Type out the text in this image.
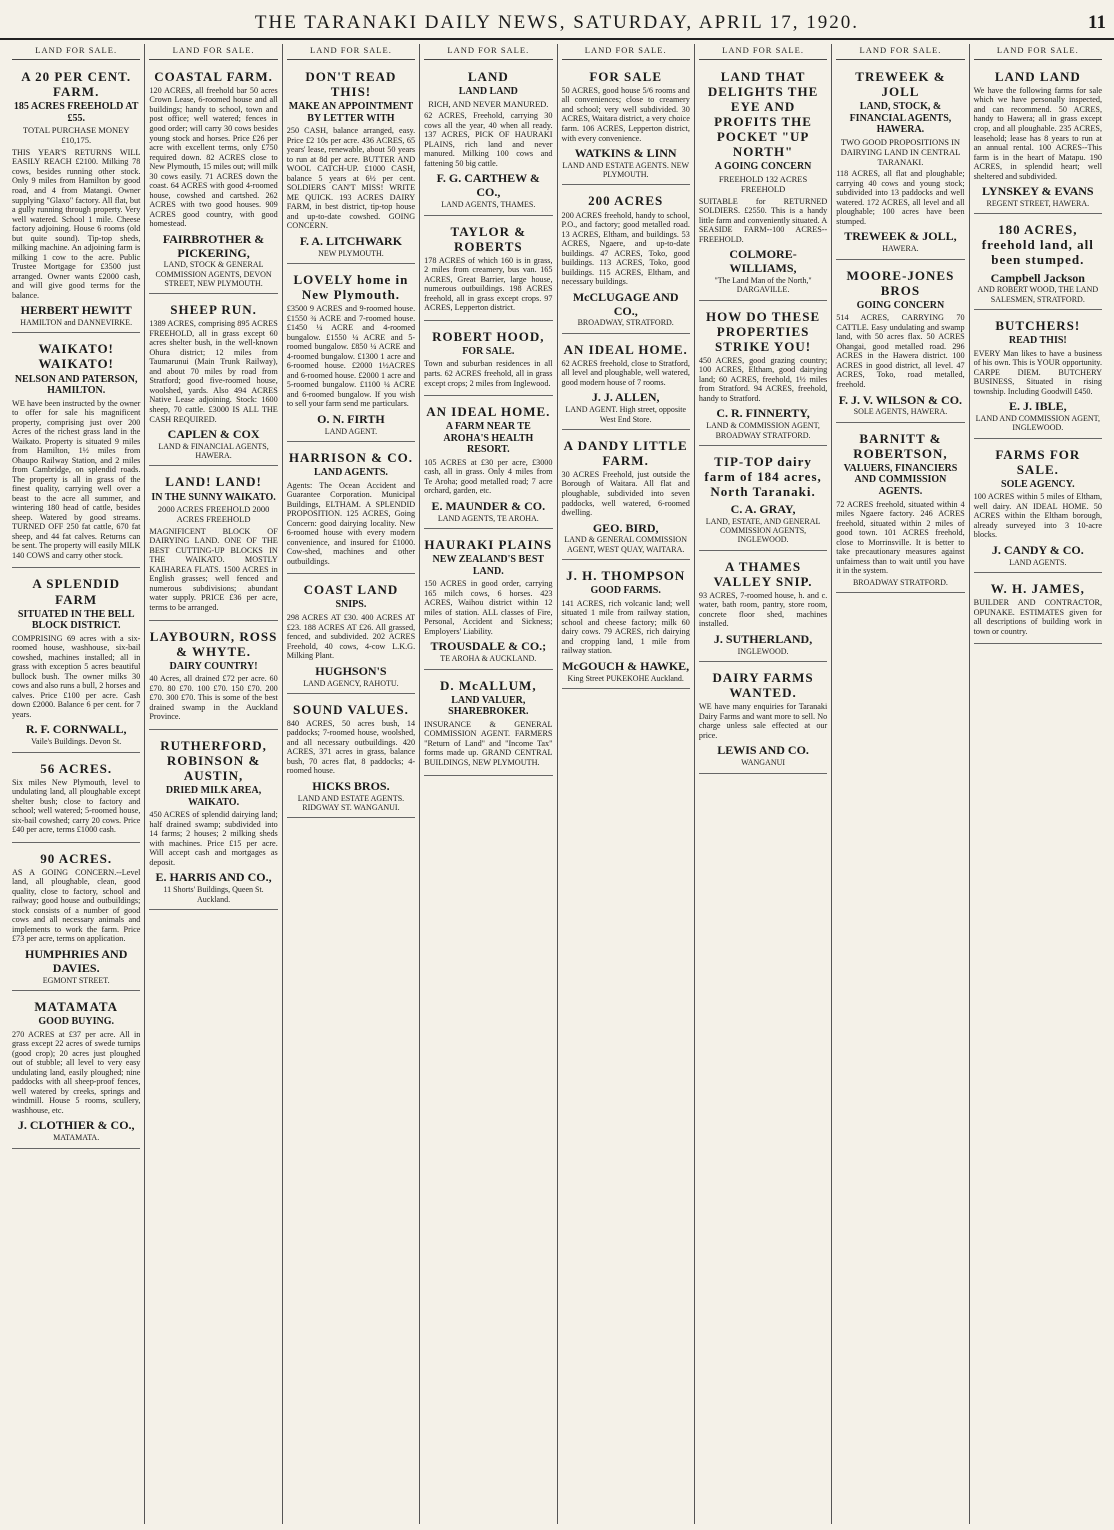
THE TARANAKI DAILY NEWS, SATURDAY, APRIL 17, 1920.	11
LAND FOR SALE.
A 20 PER CENT. FARM.
185 ACRES FREEHOLD AT £55.
TOTAL PURCHASE MONEY £10,175.
THIS YEAR'S RETURNS WILL EASILY REACH £2100. Milking 78 cows, besides running other stock. Only 9 miles from Hamilton by good road, and 4 from Matangi. Owner supplying "Glaxo" factory. All flat, but a gully running through property. Very well watered. School 1 mile. Cheese factory adjoining. House 6 rooms (old but quite sound). Tip-top sheds, milking machine. An adjoining farm is milking 1 cow to the acre. Public Trustee Mortgage for £3500 just arranged. Owner wants £2000 cash, and will give good terms for the balance.
HERBERT HEWITT
HAMILTON and DANNEVIRKE.
WAIKATO! WAIKATO!
NELSON AND PATERSON, HAMILTON.
WE have been instructed by the owner to offer for sale his magnificent property, comprising just over 200 Acres of the richest grass land in the Waikato. Property is situated 9 miles from Hamilton, 1½ miles from Ohaupo Railway Station, and 2 miles from Cambridge, on splendid roads. The property is all in grass of the finest quality, carrying well over a beast to the acre all summer, and wintering 180 head of cattle, besides sheep. Watered by good streams. TURNED OFF 250 fat cattle, 670 fat sheep, and 44 fat calves. Returns can be sent. The property will easily MILK 140 COWS and carry other stock.
A SPLENDID FARM
SITUATED IN THE BELL BLOCK DISTRICT.
COMPRISING 69 acres with a six-roomed house, washhouse, six-bail cowshed, machines installed; all in grass with exception 5 acres beautiful bullock bush. The owner milks 30 cows and also runs a bull, 2 horses and calves. Price £100 per acre. Cash down £2000. Balance 6 per cent. for 7 years.
R. F. CORNWALL,
Vaile's Buildings. Devon St.
56 ACRES.
Six miles New Plymouth, level to undulating land, all ploughable except shelter bush; close to factory and school; well watered; 5-roomed house, six-bail cowshed; carry 20 cows. Price £40 per acre, terms £1000 cash.
90 ACRES.
AS A GOING CONCERN.--Level land, all ploughable, clean, good quality, close to factory, school and railway; good house and outbuildings; stock consists of a number of good cows and all necessary animals and implements to work the farm. Price £73 per acre, terms on application.
HUMPHRIES AND DAVIES.
EGMONT STREET.
MATAMATA
GOOD BUYING.
270 ACRES at £37 per acre. All in grass except 22 acres of swede turnips (good crop); 20 acres just ploughed out of stubble; all level to very easy undulating land, easily ploughed; nine paddocks with all sheep-proof fences, well watered by creeks, springs and windmill. House 5 rooms, scullery, washhouse, etc.
J. CLOTHIER & CO.,
MATAMATA.
LAND FOR SALE.
COASTAL FARM.
120 ACRES, all freehold bar 50 acres Crown Lease, 6-roomed house and all buildings; handy to school, town and post office; well watered; fences in good order; will carry 30 cows besides young stock and horses. Price £26 per acre with excellent terms, only £750 required down. 82 ACRES close to New Plymouth, 15 miles out; will milk 30 cows easily. 71 ACRES down the coast. 64 ACRES with good 4-roomed house, cowshed and cartshed. 262 ACRES with two good houses. 909 ACRES good country, with good homestead.
FAIRBROTHER & PICKERING,
LAND, STOCK & GENERAL COMMISSION AGENTS, DEVON STREET, NEW PLYMOUTH.
SHEEP RUN.
1389 ACRES, comprising 895 ACRES FREEHOLD, all in grass except 60 acres shelter bush, in the well-known Ohura district; 12 miles from Taumarunui (Main Trunk Railway), and about 70 miles by road from Stratford; good five-roomed house, woolshed, yards. Also 494 ACRES Native Lease adjoining. Stock: 1600 sheep, 70 cattle. £3000 IS ALL THE CASH REQUIRED.
CAPLEN & COX
LAND & FINANCIAL AGENTS, HAWERA.
LAND! LAND!
IN THE SUNNY WAIKATO.
2000 ACRES FREEHOLD 2000 ACRES FREEHOLD
MAGNIFICENT BLOCK OF DAIRYING LAND. ONE OF THE BEST CUTTING-UP BLOCKS IN THE WAIKATO. MOSTLY KAIHAREA FLATS. 1500 ACRES in English grasses; well fenced and numerous subdivisions; abundant water supply. PRICE £36 per acre, terms to be arranged.
LAYBOURN, ROSS & WHYTE.
DAIRY COUNTRY!
40 Acres, all drained £72 per acre. 60 £70. 80 £70. 100 £70. 150 £70. 200 £70. 300 £70. This is some of the best drained swamp in the Auckland Province.
RUTHERFORD, ROBINSON & AUSTIN,
DRIED MILK AREA, WAIKATO.
450 ACRES of splendid dairying land; half drained swamp; subdivided into 14 farms; 2 houses; 2 milking sheds with machines. Price £15 per acre. Will accept cash and mortgages as deposit.
E. HARRIS AND CO.,
11 Shorts' Buildings, Queen St. Auckland.
LAND FOR SALE.
DON'T READ THIS!
MAKE AN APPOINTMENT BY LETTER WITH
250 CASH, balance arranged, easy. Price £2 10s per acre. 436 ACRES, 65 years' lease, renewable, about 50 years to run at 8d per acre. BUTTER AND WOOL CATCH-UP. £1000 CASH, balance 5 years at 6½ per cent. SOLDIERS CAN'T MISS! WRITE ME QUICK. 193 ACRES DAIRY FARM, in best district, tip-top house and up-to-date cowshed. GOING CONCERN.
F. A. LITCHWARK
NEW PLYMOUTH.
LOVELY home in New Plymouth.
£3500 9 ACRES and 9-roomed house. £1550 ¾ ACRE and 7-roomed house. £1450 ¼ ACRE and 4-roomed bungalow. £1550 ¼ ACRE and 5-roomed bungalow. £850 ¼ ACRE and 4-roomed bungalow. £1300 1 acre and 6-roomed house. £2000 1½ACRES and 6-roomed house. £2000 1 acre and 5-roomed bungalow. £1100 ¼ ACRE and 6-roomed bungalow. If you wish to sell your farm send me particulars.
O. N. FIRTH
LAND AGENT.
HARRISON & CO.
LAND AGENTS.
Agents: The Ocean Accident and Guarantee Corporation. Municipal Buildings, ELTHAM. A SPLENDID PROPOSITION. 125 ACRES, Going Concern: good dairying locality. New 6-roomed house with every modern convenience, and insured for £1000. Cow-shed, machines and other outbuildings.
COAST LAND
SNIPS.
298 ACRES AT £30. 400 ACRES AT £23. 188 ACRES AT £26. All grassed, fenced, and subdivided. 202 ACRES Freehold, 40 cows, 4-cow L.K.G. Milking Plant.
HUGHSON'S
LAND AGENCY, RAHOTU.
SOUND VALUES.
840 ACRES, 50 acres bush, 14 paddocks; 7-roomed house, woolshed, and all necessary outbuildings. 420 ACRES, 371 acres in grass, balance bush, 70 acres flat, 8 paddocks; 4-roomed house.
HICKS BROS.
LAND AND ESTATE AGENTS. RIDGWAY ST. WANGANUI.
LAND FOR SALE.
LAND
LAND LAND
RICH, AND NEVER MANURED.
62 ACRES, Freehold, carrying 30 cows all the year, 40 when all ready. 137 ACRES, PICK OF HAURAKI PLAINS, rich land and never manured. Milking 100 cows and fattening 50 big cattle.
F. G. CARTHEW & CO.,
LAND AGENTS, THAMES.
TAYLOR & ROBERTS
178 ACRES of which 160 is in grass, 2 miles from creamery, bus van. 165 ACRES, Great Barrier, large house, numerous outbuildings. 198 ACRES freehold, all in grass except crops. 97 ACRES, Lepperton district.
ROBERT HOOD,
FOR SALE.
Town and suburban residences in all parts. 62 ACRES freehold, all in grass except crops; 2 miles from Inglewood.
AN IDEAL HOME.
A FARM NEAR TE AROHA'S HEALTH RESORT.
105 ACRES at £30 per acre, £3000 cash, all in grass. Only 4 miles from Te Aroha; good metalled road; 7 acre orchard, garden, etc.
E. MAUNDER & CO.
LAND AGENTS, TE AROHA.
HAURAKI PLAINS
NEW ZEALAND'S BEST LAND.
150 ACRES in good order, carrying 165 milch cows, 6 horses. 423 ACRES, Waihou district within 12 miles of station. ALL classes of Fire, Personal, Accident and Sickness; Employers' Liability.
TROUSDALE & CO.;
TE AROHA & AUCKLAND.
D. McALLUM,
LAND VALUER, SHAREBROKER.
INSURANCE & GENERAL COMMISSION AGENT. FARMERS "Return of Land" and "Income Tax" forms made up. GRAND CENTRAL BUILDINGS, NEW PLYMOUTH.
LAND FOR SALE.
FOR SALE
50 ACRES, good house 5/6 rooms and all conveniences; close to creamery and school; very well subdivided. 30 ACRES, Waitara district, a very choice farm. 106 ACRES, Lepperton district, with every convenience.
WATKINS & LINN
LAND AND ESTATE AGENTS. NEW PLYMOUTH.
200 ACRES
200 ACRES freehold, handy to school, P.O., and factory; good metalled road. 13 ACRES, Eltham, and buildings. 53 ACRES, Ngaere, and up-to-date buildings. 47 ACRES, Toko, good buildings. 113 ACRES, Toko, good buildings. 115 ACRES, Eltham, and necessary buildings.
McCLUGAGE AND CO.,
BROADWAY, STRATFORD.
AN IDEAL HOME.
62 ACRES freehold, close to Stratford, all level and ploughable, well watered, good modern house of 7 rooms.
J. J. ALLEN,
LAND AGENT. High street, opposite West End Store.
A DANDY LITTLE FARM.
30 ACRES Freehold, just outside the Borough of Waitara. All flat and ploughable, subdivided into seven paddocks, well watered, 6-roomed dwelling.
GEO. BIRD,
LAND & GENERAL COMMISSION AGENT, WEST QUAY, WAITARA.
J. H. THOMPSON
GOOD FARMS.
141 ACRES, rich volcanic land; well situated 1 mile from railway station, school and cheese factory; milk 60 dairy cows. 79 ACRES, rich dairying and cropping land, 1 mile from railway station.
McGOUCH & HAWKE,
King Street PUKEKOHE Auckland.
LAND FOR SALE.
LAND THAT DELIGHTS THE EYE AND PROFITS THE POCKET "UP NORTH"
A GOING CONCERN
FREEHOLD 132 ACRES FREEHOLD
SUITABLE for RETURNED SOLDIERS. £2550. This is a handy little farm and conveniently situated. A SEASIDE FARM--100 ACRES--FREEHOLD.
COLMORE-WILLIAMS,
"The Land Man of the North," DARGAVILLE.
HOW DO THESE PROPERTIES STRIKE YOU!
450 ACRES, good grazing country; 100 ACRES, Eltham, good dairying land; 60 ACRES, freehold, 1½ miles from Stratford. 94 ACRES, freehold, handy to Stratford.
C. R. FINNERTY,
LAND & COMMISSION AGENT, BROADWAY STRATFORD.
TIP-TOP dairy farm of 184 acres, North Taranaki.
C. A. GRAY,
LAND, ESTATE, AND GENERAL COMMISSION AGENTS, INGLEWOOD.
A THAMES VALLEY SNIP.
93 ACRES, 7-roomed house, h. and c. water, bath room, pantry, store room, concrete floor shed, machines installed.
J. SUTHERLAND,
INGLEWOOD.
DAIRY FARMS WANTED.
WE have many enquiries for Taranaki Dairy Farms and want more to sell. No charge unless sale effected at our price.
LEWIS AND CO.
WANGANUI
LAND FOR SALE.
TREWEEK & JOLL
LAND, STOCK, & FINANCIAL AGENTS, HAWERA.
TWO GOOD PROPOSITIONS IN DAIRYING LAND IN CENTRAL TARANAKI.
118 ACRES, all flat and ploughable; carrying 40 cows and young stock; subdivided into 13 paddocks and well watered. 172 ACRES, all level and all ploughable; 100 acres have been stumped.
TREWEEK & JOLL,
HAWERA.
MOORE-JONES BROS
GOING CONCERN
514 ACRES, CARRYING 70 CATTLE. Easy undulating and swamp land, with 50 acres flax. 50 ACRES Ohangai, good metalled road. 296 ACRES in the Hawera district. 100 ACRES in good district, all level. 47 ACRES, Toko, road metalled, freehold.
F. J. V. WILSON & CO.
SOLE AGENTS, HAWERA.
BARNITT & ROBERTSON,
VALUERS, FINANCIERS AND COMMISSION AGENTS.
72 ACRES freehold, situated within 4 miles Ngaere factory. 246 ACRES freehold, situated within 2 miles of good town. 101 ACRES freehold, close to Morrinsville. It is better to take precautionary measures against unfairness than to wait until you have it in the system.
BROADWAY STRATFORD.
LAND FOR SALE.
LAND LAND
We have the following farms for sale which we have personally inspected, and can recommend. 50 ACRES, handy to Hawera; all in grass except crop, and all ploughable. 235 ACRES, leasehold; lease has 8 years to run at an annual rental. 100 ACRES--This farm is in the heart of Matapu. 190 ACRES, in splendid heart; well sheltered and subdivided.
LYNSKEY & EVANS
REGENT STREET, HAWERA.
180 ACRES, freehold land, all been stumped.
Campbell Jackson
AND ROBERT WOOD, THE LAND SALESMEN, STRATFORD.
BUTCHERS!
READ THIS!
EVERY Man likes to have a business of his own. This is YOUR opportunity. CARPE DIEM. BUTCHERY BUSINESS, Situated in rising township. Including Goodwill £450.
E. J. IBLE,
LAND AND COMMISSION AGENT, INGLEWOOD.
FARMS FOR SALE.
SOLE AGENCY.
100 ACRES within 5 miles of Eltham, well dairy. AN IDEAL HOME. 50 ACRES within the Eltham borough, already surveyed into 3 10-acre blocks.
J. CANDY & CO.
LAND AGENTS.
W. H. JAMES,
BUILDER AND CONTRACTOR, OPUNAKE. ESTIMATES given for all descriptions of building work in town or country.
